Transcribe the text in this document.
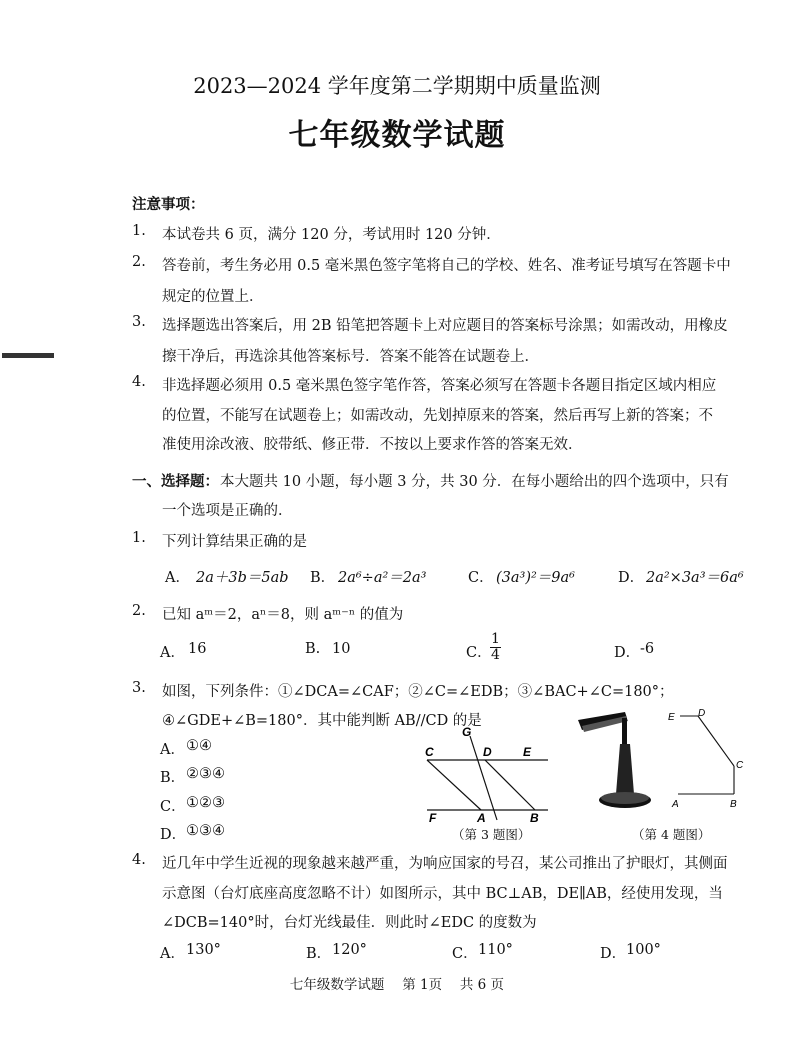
2023—2024 学年度第二学期期中质量监测
七年级数学试题
注意事项：
1. 本试卷共 6 页，满分 120 分，考试用时 120 分钟．
2. 答卷前，考生务必用 0.5 毫米黑色签字笔将自己的学校、姓名、准考证号填写在答题卡中
规定的位置上．
3. 选择题选出答案后，用 2B 铅笔把答题卡上对应题目的答案标号涂黑；如需改动，用橡皮
擦干净后，再选涂其他答案标号．答案不能答在试题卷上．
4. 非选择题必须用 0.5 毫米黑色签字笔作答，答案必须写在答题卡各题目指定区域内相应
的位置，不能写在试题卷上；如需改动，先划掉原来的答案，然后再写上新的答案；不
准使用涂改液、胶带纸、修正带．不按以上要求作答的答案无效．
一、选择题： 本大题共 10 小题，每小题 3 分，共 30 分．在每小题给出的四个选项中，只有
一个选项是正确的．
1. 下列计算结果正确的是
A． 2a＋3b＝5ab B． 2a⁶÷a²＝2a³	C． (3a³)²＝9a⁶	D． 2a²×3a³＝6a⁶
2. 已知 aᵐ＝2，aⁿ＝8，则 aᵐ⁻ⁿ 的值为
A． 16	B. 10	C．
$\frac{1}{4}$	D． -6
3. 如图，下列条件：①∠DCA=∠CAF；②∠C=∠EDB；③∠BAC+∠C=180°；
④∠GDE+∠B=180°．其中能判断 AB//CD 的是
A． ①④
B． ②③④
C． ①②③
D． ①③④
G
C	D	E
F	A	B
（第 3 题图）
E D
C
A	B
（第 4 题图）
4. 近几年中学生近视的现象越来越严重，为响应国家的号召，某公司推出了护眼灯，其侧面
示意图（台灯底座高度忽略不计）如图所示，其中 BC⊥AB，DE∥AB，经使用发现，当
∠DCB=140°时，台灯光线最佳．则此时∠EDC 的度数为
A． 130°	B． 120°	C． 110°	D． 100°
七年级数学试题　 第 1页　 共 6 页
